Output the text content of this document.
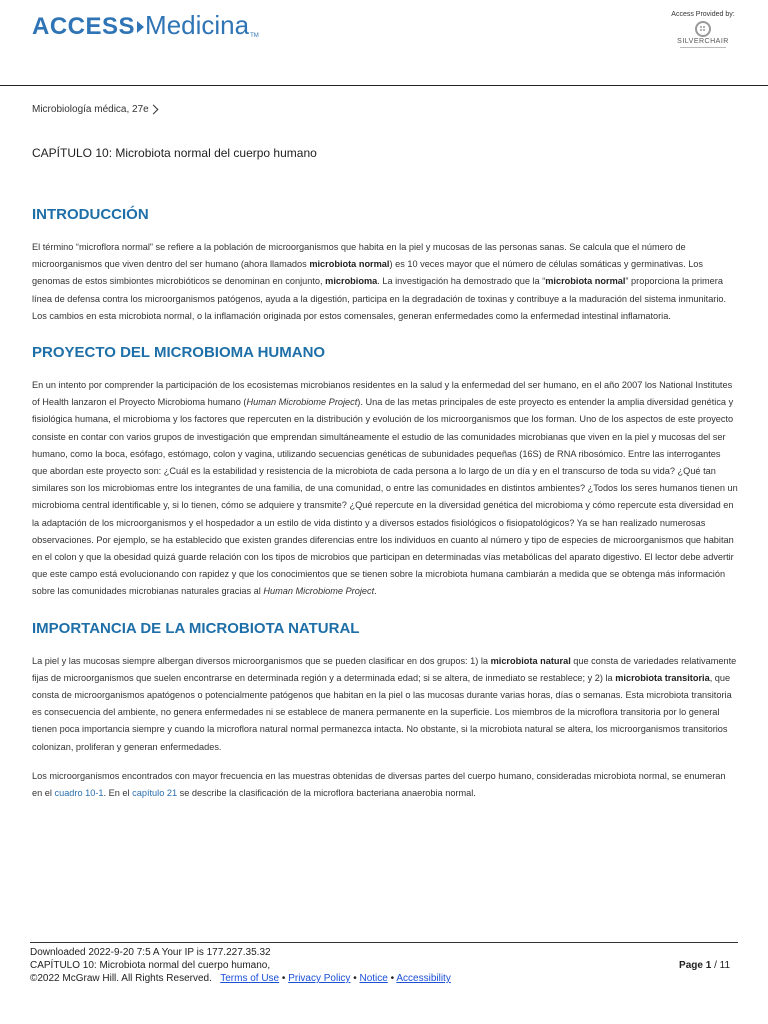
ACCESS Medicina TM
Access Provided by:
SILVERCHAIR
Microbiología médica, 27e
CAPÍTULO 10: Microbiota normal del cuerpo humano
INTRODUCCIÓN

El término “microflora normal” se refiere a la población de microorganismos que habita en la piel y mucosas de las personas sanas. Se calcula que el número de microorganismos que viven dentro del ser humano (ahora llamados microbiota normal) es 10 veces mayor que el número de células somáticas y germinativas. Los genomas de estos simbiontes microbióticos se denominan en conjunto, microbioma. La investigación ha demostrado que la “microbiota normal” proporciona la primera línea de defensa contra los microorganismos patógenos, ayuda a la digestión, participa en la degradación de toxinas y contribuye a la maduración del sistema inmunitario. Los cambios en esta microbiota normal, o la inflamación originada por estos comensales, generan enfermedades como la enfermedad intestinal inflamatoria.

PROYECTO DEL MICROBIOMA HUMANO

En un intento por comprender la participación de los ecosistemas microbianos residentes en la salud y la enfermedad del ser humano, en el año 2007 los National Institutes of Health lanzaron el Proyecto Microbioma humano (Human Microbiome Project). Una de las metas principales de este proyecto es entender la amplia diversidad genética y fisiológica humana, el microbioma y los factores que repercuten en la distribución y evolución de los microorganismos que los forman. Uno de los aspectos de este proyecto consiste en contar con varios grupos de investigación que emprendan simultáneamente el estudio de las comunidades microbianas que viven en la piel y mucosas del ser humano, como la boca, esófago, estómago, colon y vagina, utilizando secuencias genéticas de subunidades pequeñas (16S) de RNA ribosómico. Entre las interrogantes que abordan este proyecto son: ¿Cuál es la estabilidad y resistencia de la microbiota de cada persona a lo largo de un día y en el transcurso de toda su vida? ¿Qué tan similares son los microbiomas entre los integrantes de una familia, de una comunidad, o entre las comunidades en distintos ambientes? ¿Todos los seres humanos tienen un microbioma central identificable y, si lo tienen, cómo se adquiere y transmite? ¿Qué repercute en la diversidad genética del microbioma y cómo repercute esta diversidad en la adaptación de los microorganismos y el hospedador a un estilo de vida distinto y a diversos estados fisiológicos o fisiopatológicos? Ya se han realizado numerosas observaciones. Por ejemplo, se ha establecido que existen grandes diferencias entre los individuos en cuanto al número y tipo de especies de microorganismos que habitan en el colon y que la obesidad quizá guarde relación con los tipos de microbios que participan en determinadas vías metabólicas del aparato digestivo. El lector debe advertir que este campo está evolucionando con rapidez y que los conocimientos que se tienen sobre la microbiota humana cambiarán a medida que se obtenga más información sobre las comunidades microbianas naturales gracias al Human Microbiome Project.

IMPORTANCIA DE LA MICROBIOTA NATURAL

La piel y las mucosas siempre albergan diversos microorganismos que se pueden clasificar en dos grupos: 1) la microbiota natural que consta de variedades relativamente fijas de microorganismos que suelen encontrarse en determinada región y a determinada edad; si se altera, de inmediato se restablece; y 2) la microbiota transitoria, que consta de microorganismos apatógenos o potencialmente patógenos que habitan en la piel o las mucosas durante varias horas, días o semanas. Esta microbiota transitoria es consecuencia del ambiente, no genera enfermedades ni se establece de manera permanente en la superficie. Los miembros de la microflora transitoria por lo general tienen poca importancia siempre y cuando la microflora natural normal permanezca intacta. No obstante, si la microbiota natural se altera, los microorganismos transitorios colonizan, proliferan y generan enfermedades.

Los microorganismos encontrados con mayor frecuencia en las muestras obtenidas de diversas partes del cuerpo humano, consideradas microbiota normal, se enumeran en el cuadro 10-1. En el capítulo 21 se describe la clasificación de la microflora bacteriana anaerobia normal.

Downloaded 2022-9-20 7:5 A Your IP is 177.227.35.32
CAPÍTULO 10: Microbiota normal del cuerpo humano,
©2022 McGraw Hill. All Rights Reserved. Terms of Use • Privacy Policy • Notice • Accessibility
Page 1 / 11
